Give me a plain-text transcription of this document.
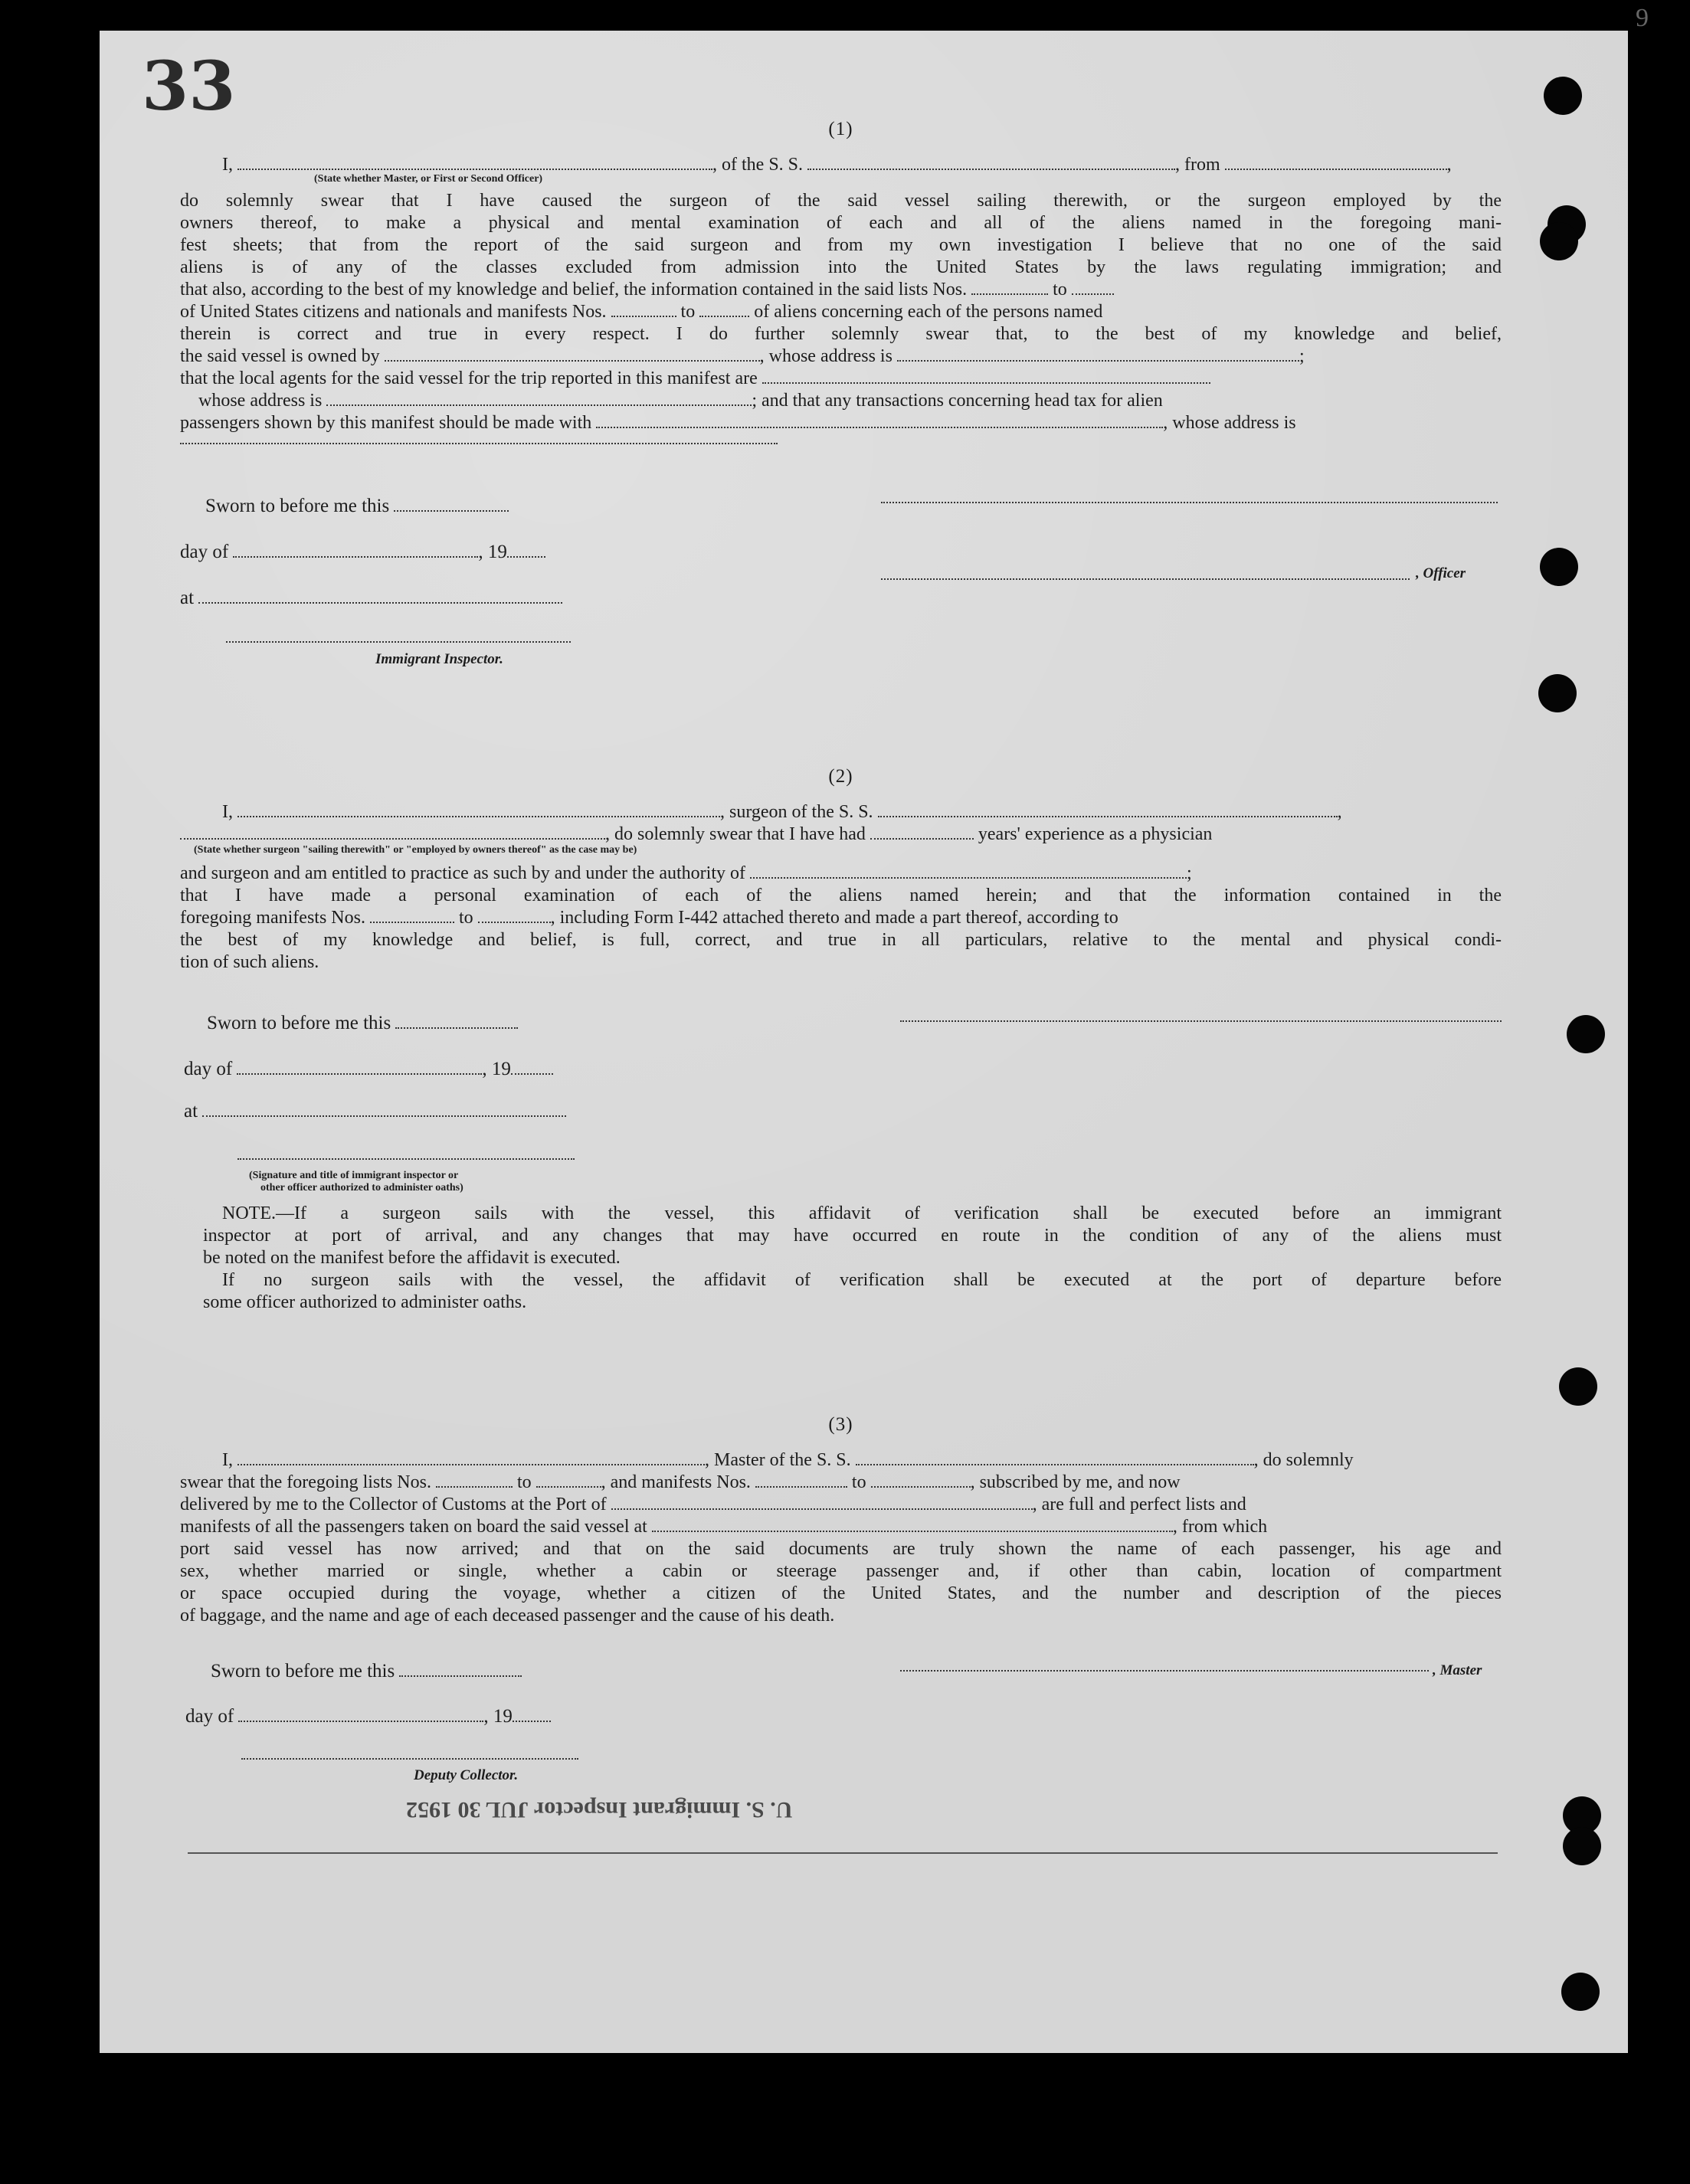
33
9
(1)
I,	, of the S. S.	, from	,
(State whether Master, or First or Second Officer)
do solemnly swear that I have caused the surgeon of the said vessel sailing therewith, or the surgeon employed by the
owners thereof, to make a physical and mental examination of each and all of the aliens named in the foregoing mani-
fest sheets; that from the report of the said surgeon and from my own investigation I believe that no one of the said
aliens is of any of the classes excluded from admission into the United States by the laws regulating immigration; and
that also, according to the best of my knowledge and belief, the information contained in the said lists Nos.	to
of United States citizens and nationals and manifests Nos.	to	of aliens concerning each of the persons named
therein is correct and true in every respect. I do further solemnly swear that, to the best of my knowledge and belief,
the said vessel is owned by	, whose address is	;
that the local agents for the said vessel for the trip reported in this manifest are
whose address is	; and that any transactions concerning head tax for alien
passengers shown by this manifest should be made with	, whose address is
Sworn to before me this
day of	, 19
at
Immigrant Inspector.
, Officer
(2)
I,	, surgeon of the S. S.	,
, do solemnly swear that I have had	years' experience as a physician
(State whether surgeon "sailing therewith" or "employed by owners thereof" as the case may be)
and surgeon and am entitled to practice as such by and under the authority of	;
that I have made a personal examination of each of the aliens named herein; and that the information contained in the
foregoing manifests Nos.	to	, including Form I-442 attached thereto and made a part thereof, according to
the best of my knowledge and belief, is full, correct, and true in all particulars, relative to the mental and physical condi-
tion of such aliens.
Sworn to before me this
day of	, 19
at
(Signature and title of immigrant inspector or
other officer authorized to administer oaths)
NOTE.—If a surgeon sails with the vessel, this affidavit of verification shall be executed before an immigrant
inspector at port of arrival, and any changes that may have occurred en route in the condition of any of the aliens must
be noted on the manifest before the affidavit is executed.
If no surgeon sails with the vessel, the affidavit of verification shall be executed at the port of departure before
some officer authorized to administer oaths.
(3)
I,	, Master of the S. S.	, do solemnly
swear that the foregoing lists Nos.	to	, and manifests Nos.	to	, subscribed by me, and now
delivered by me to the Collector of Customs at the Port of	, are full and perfect lists and
manifests of all the passengers taken on board the said vessel at	, from which
port said vessel has now arrived; and that on the said documents are truly shown the name of each passenger, his age and
sex, whether married or single, whether a cabin or steerage passenger and, if other than cabin, location of compartment
or space occupied during the voyage, whether a citizen of the United States, and the number and description of the pieces
of baggage, and the name and age of each deceased passenger and the cause of his death.
Sworn to before me this	, Master
day of	, 19
Deputy Collector.
U. S. Immigrant Inspector JUL 30 1952
